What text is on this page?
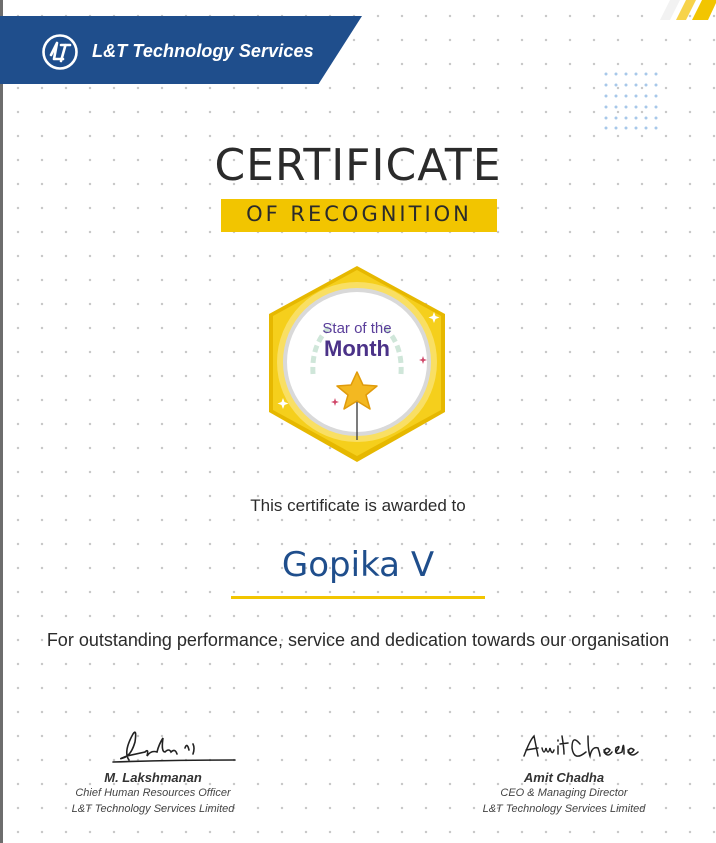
L&T Technology Services
CERTIFICATE
OF RECOGNITION
Star of the
Month
This certificate is awarded to
Gopika V
For outstanding performance, service and dedication towards our organisation
M. Lakshmanan
Chief Human Resources Officer
L&T Technology Services Limited
Amit Chadha
CEO & Managing Director
L&T Technology Services Limited
